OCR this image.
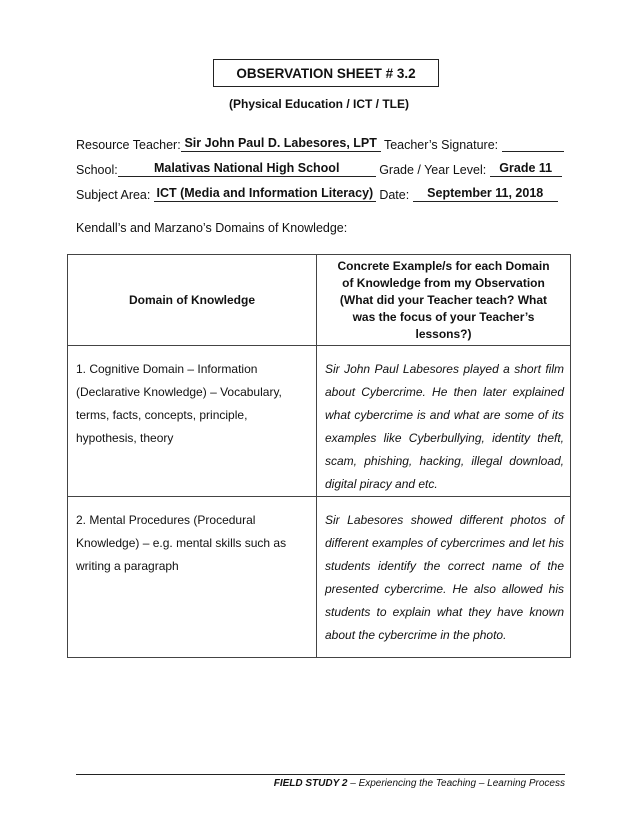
OBSERVATION SHEET # 3.2
(Physical Education / ICT / TLE)
Resource Teacher: Sir John Paul D. Labesores, LPT Teacher’s Signature:
School:	Malativas National High School	Grade / Year Level: Grade 11
Subject Area: ICT (Media and Information Literacy) Date: September 11, 2018
Kendall’s and Marzano’s Domains of Knowledge:
Domain of Knowledge	Concrete Example/s for each Domain of Knowledge from my Observation (What did your Teacher teach? What was the focus of your Teacher’s lessons?)
1. Cognitive Domain – Information (Declarative Knowledge) – Vocabulary, terms, facts, concepts, principle, hypothesis, theory	Sir John Paul Labesores played a short film about Cybercrime. He then later explained what cybercrime is and what are some of its examples like Cyberbullying, identity theft, scam, phishing, hacking, illegal download, digital piracy and etc.
2. Mental Procedures (Procedural Knowledge) – e.g. mental skills such as writing a paragraph	Sir Labesores showed different photos of different examples of cybercrimes and let his students identify the correct name of the presented cybercrime. He also allowed his students to explain what they have known about the cybercrime in the photo.
FIELD STUDY 2 – Experiencing the Teaching – Learning Process
